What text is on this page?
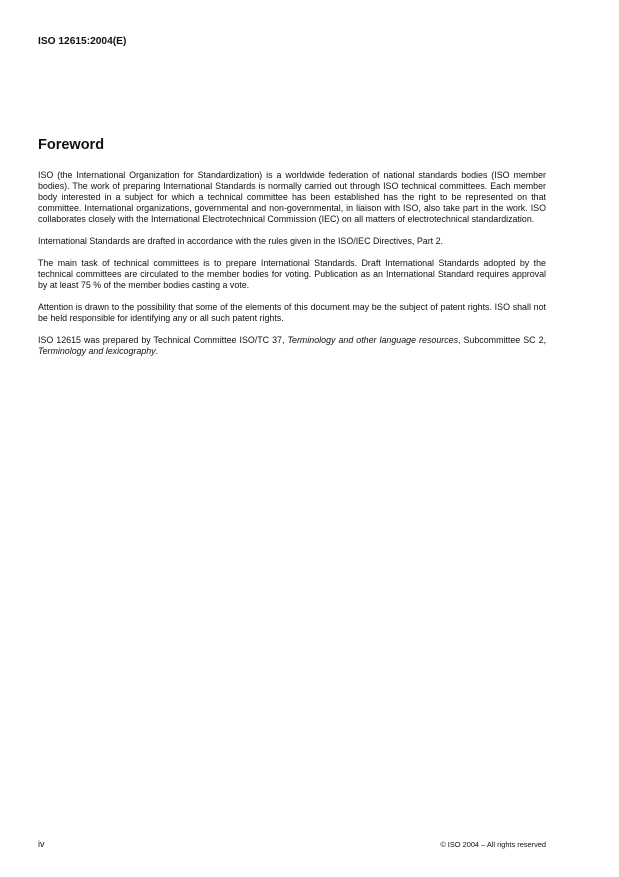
ISO 12615:2004(E)
Foreword

ISO (the International Organization for Standardization) is a worldwide federation of national standards bodies (ISO member bodies). The work of preparing International Standards is normally carried out through ISO technical committees. Each member body interested in a subject for which a technical committee has been established has the right to be represented on that committee. International organizations, governmental and non-governmental, in liaison with ISO, also take part in the work. ISO collaborates closely with the International Electrotechnical Commission (IEC) on all matters of electrotechnical standardization.

International Standards are drafted in accordance with the rules given in the ISO/IEC Directives, Part 2.

The main task of technical committees is to prepare International Standards. Draft International Standards adopted by the technical committees are circulated to the member bodies for voting. Publication as an International Standard requires approval by at least 75 % of the member bodies casting a vote.

Attention is drawn to the possibility that some of the elements of this document may be the subject of patent rights. ISO shall not be held responsible for identifying any or all such patent rights.

ISO 12615 was prepared by Technical Committee ISO/TC 37, Terminology and other language resources, Subcommittee SC 2, Terminology and lexicography.

iv	© ISO 2004 – All rights reserved
